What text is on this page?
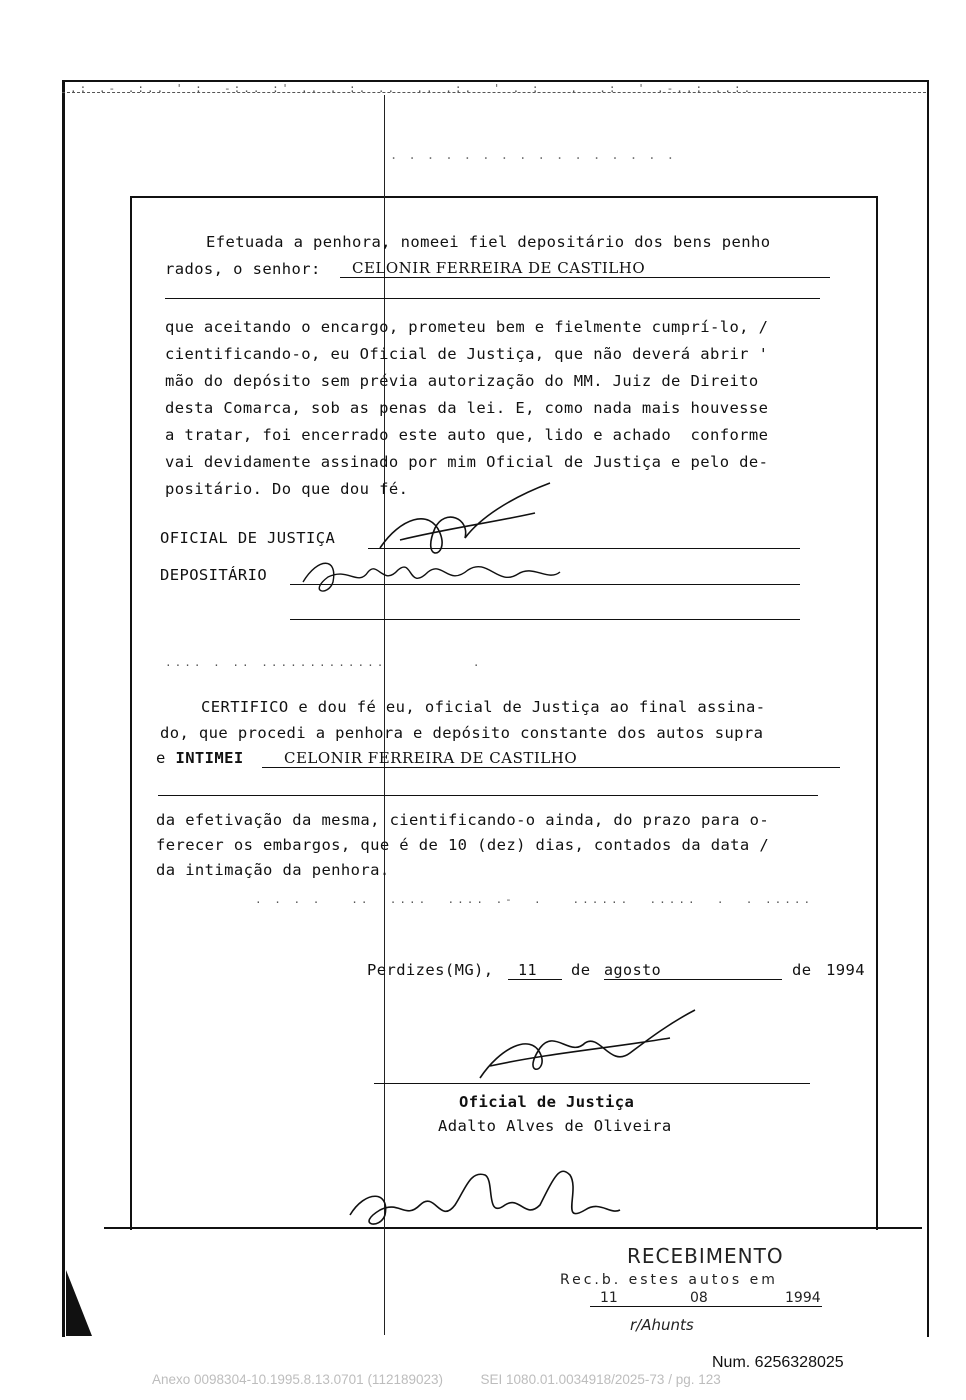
. . . . . . . . . . . . . . . .
Efetuada a penhora, nomeei fiel depositário dos bens penho
rados, o senhor:	CELONIR FERREIRA DE CASTILHO
que aceitando o encargo, prometeu bem e fielmente cumprí-lo, /
cientificando-o, eu Oficial de Justiça, que não deverá abrir '
mão do depósito sem prévia autorização do MM. Juiz de Direito
desta Comarca, sob as penas da lei. E, como nada mais houvesse
a tratar, foi encerrado este auto que, lido e achado  conforme
vai devidamente assinado por mim Oficial de Justiça e pelo de-
positário. Do que dou fé.
OFICIAL DE JUSTIÇA
DEPOSITÁRIO
CERTIFICO e dou fé eu, oficial de Justiça ao final assina-
do, que procedi a penhora e depósito constante dos autos supra
e INTIMEI	CELONIR FERREIRA DE CASTILHO
da efetivação da mesma, cientificando-o ainda, do prazo para o-
ferecer os embargos, que é de 10 (dez) dias, contados da data /
da intimação da penhora.
Perdizes(MG),	11	de agosto	de 1994
Oficial de Justiça
Adalto Alves de Oliveira
RECEBIMENTO
Rec.b. estes autos em
11	08	1994
r/Ahunts
.: .- .:.. ' :  -:.. :' .. . :. ..  .. .:.  ' . :   .  .:  ' .-..: ..:.
.... . .. .............         .
. . . .   ..  ....  .... .-  .   ......  .....  .  . .....
Num. 6256328025
Anexo 0098304-10.1995.8.13.0701 (112189023)	SEI 1080.01.0034918/2025-73 / pg. 123
